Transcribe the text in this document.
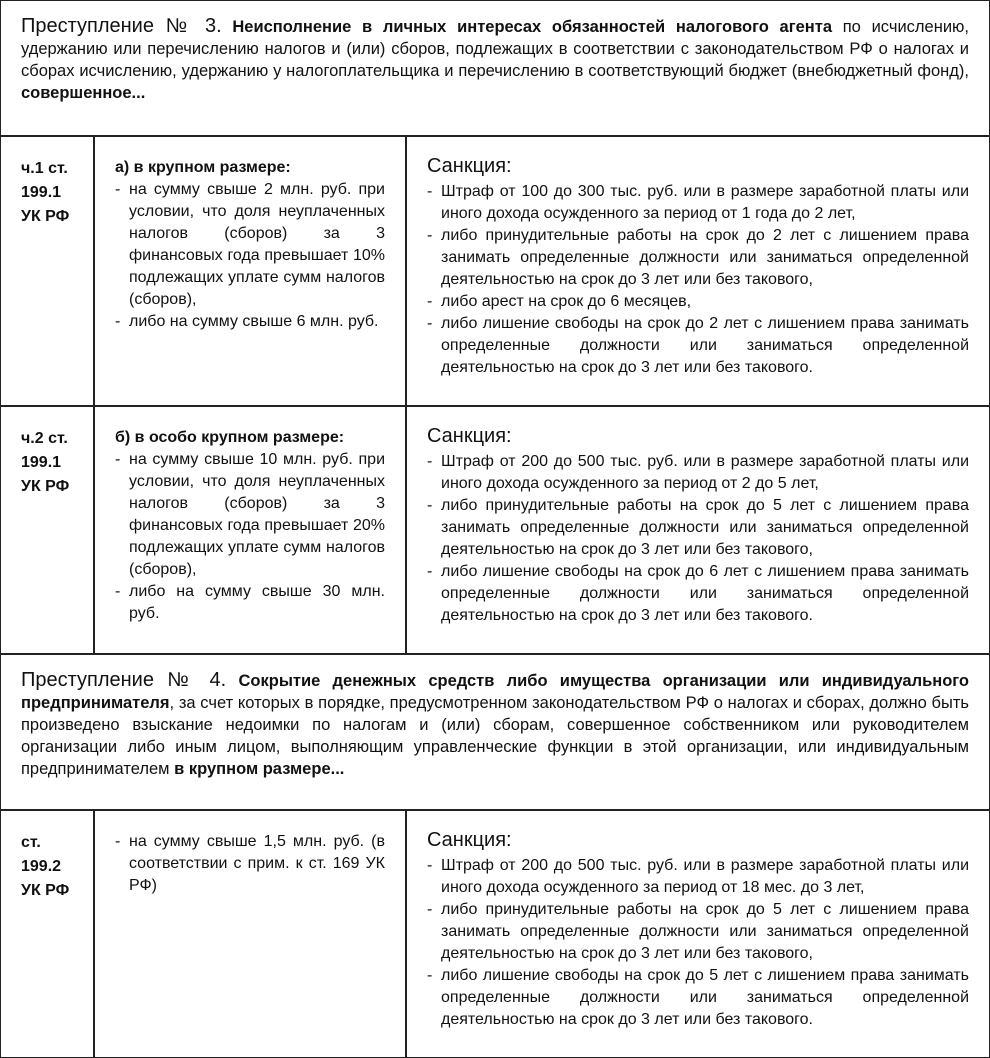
Преступление № 3. Неисполнение в личных интересах обязанностей налогового агента по исчислению, удержанию или перечислению налогов и (или) сборов, подлежащих в соответствии с законодательством РФ о налогах и сборах исчислению, удержанию у налогоплательщика и перечислению в соответствующий бюджет (внебюджетный фонд), совершенное...
ч.1 ст.
199.1
УК РФ
а) в крупном размере:
- на сумму свыше 2 млн. руб. при условии, что доля неуплаченных налогов (сборов) за 3 финансовых года превышает 10% подлежащих уплате сумм налогов (сборов),
- либо на сумму свыше 6 млн. руб.
Санкция:
- Штраф от 100 до 300 тыс. руб. или в размере заработной платы или иного дохода осужденного за период от 1 года до 2 лет,
- либо принудительные работы на срок до 2 лет с лишением права занимать определенные должности или заниматься определенной деятельностью на срок до 3 лет или без такового,
- либо арест на срок до 6 месяцев,
- либо лишение свободы на срок до 2 лет с лишением права занимать определенные должности или заниматься определенной деятельностью на срок до 3 лет или без такового.
ч.2 ст.
199.1
УК РФ
б) в особо крупном размере:
- на сумму свыше 10 млн. руб. при условии, что доля неуплаченных налогов (сборов) за 3 финансовых года превышает 20% подлежащих уплате сумм налогов (сборов),
- либо на сумму свыше 30 млн. руб.
Санкция:
- Штраф от 200 до 500 тыс. руб. или в размере заработной платы или иного дохода осужденного за период от 2 до 5 лет,
- либо принудительные работы на срок до 5 лет с лишением права занимать определенные должности или заниматься определенной деятельностью на срок до 3 лет или без такового,
- либо лишение свободы на срок до 6 лет с лишением права занимать определенные должности или заниматься определенной деятельностью на срок до 3 лет или без такового.
Преступление № 4. Сокрытие денежных средств либо имущества организации или индивидуального предпринимателя, за счет которых в порядке, предусмотренном законодательством РФ о налогах и сборах, должно быть произведено взыскание недоимки по налогам и (или) сборам, совершенное собственником или руководителем организации либо иным лицом, выполняющим управленческие функции в этой организации, или индивидуальным предпринимателем в крупном размере...
ст.
199.2
УК РФ
- на сумму свыше 1,5 млн. руб. (в соответствии с прим. к ст. 169 УК РФ)
Санкция:
- Штраф от 200 до 500 тыс. руб. или в размере заработной платы или иного дохода осужденного за период от 18 мес. до 3 лет,
- либо принудительные работы на срок до 5 лет с лишением права занимать определенные должности или заниматься определенной деятельностью на срок до 3 лет или без такового,
- либо лишение свободы на срок до 5 лет с лишением права занимать определенные должности или заниматься определенной деятельностью на срок до 3 лет или без такового.
